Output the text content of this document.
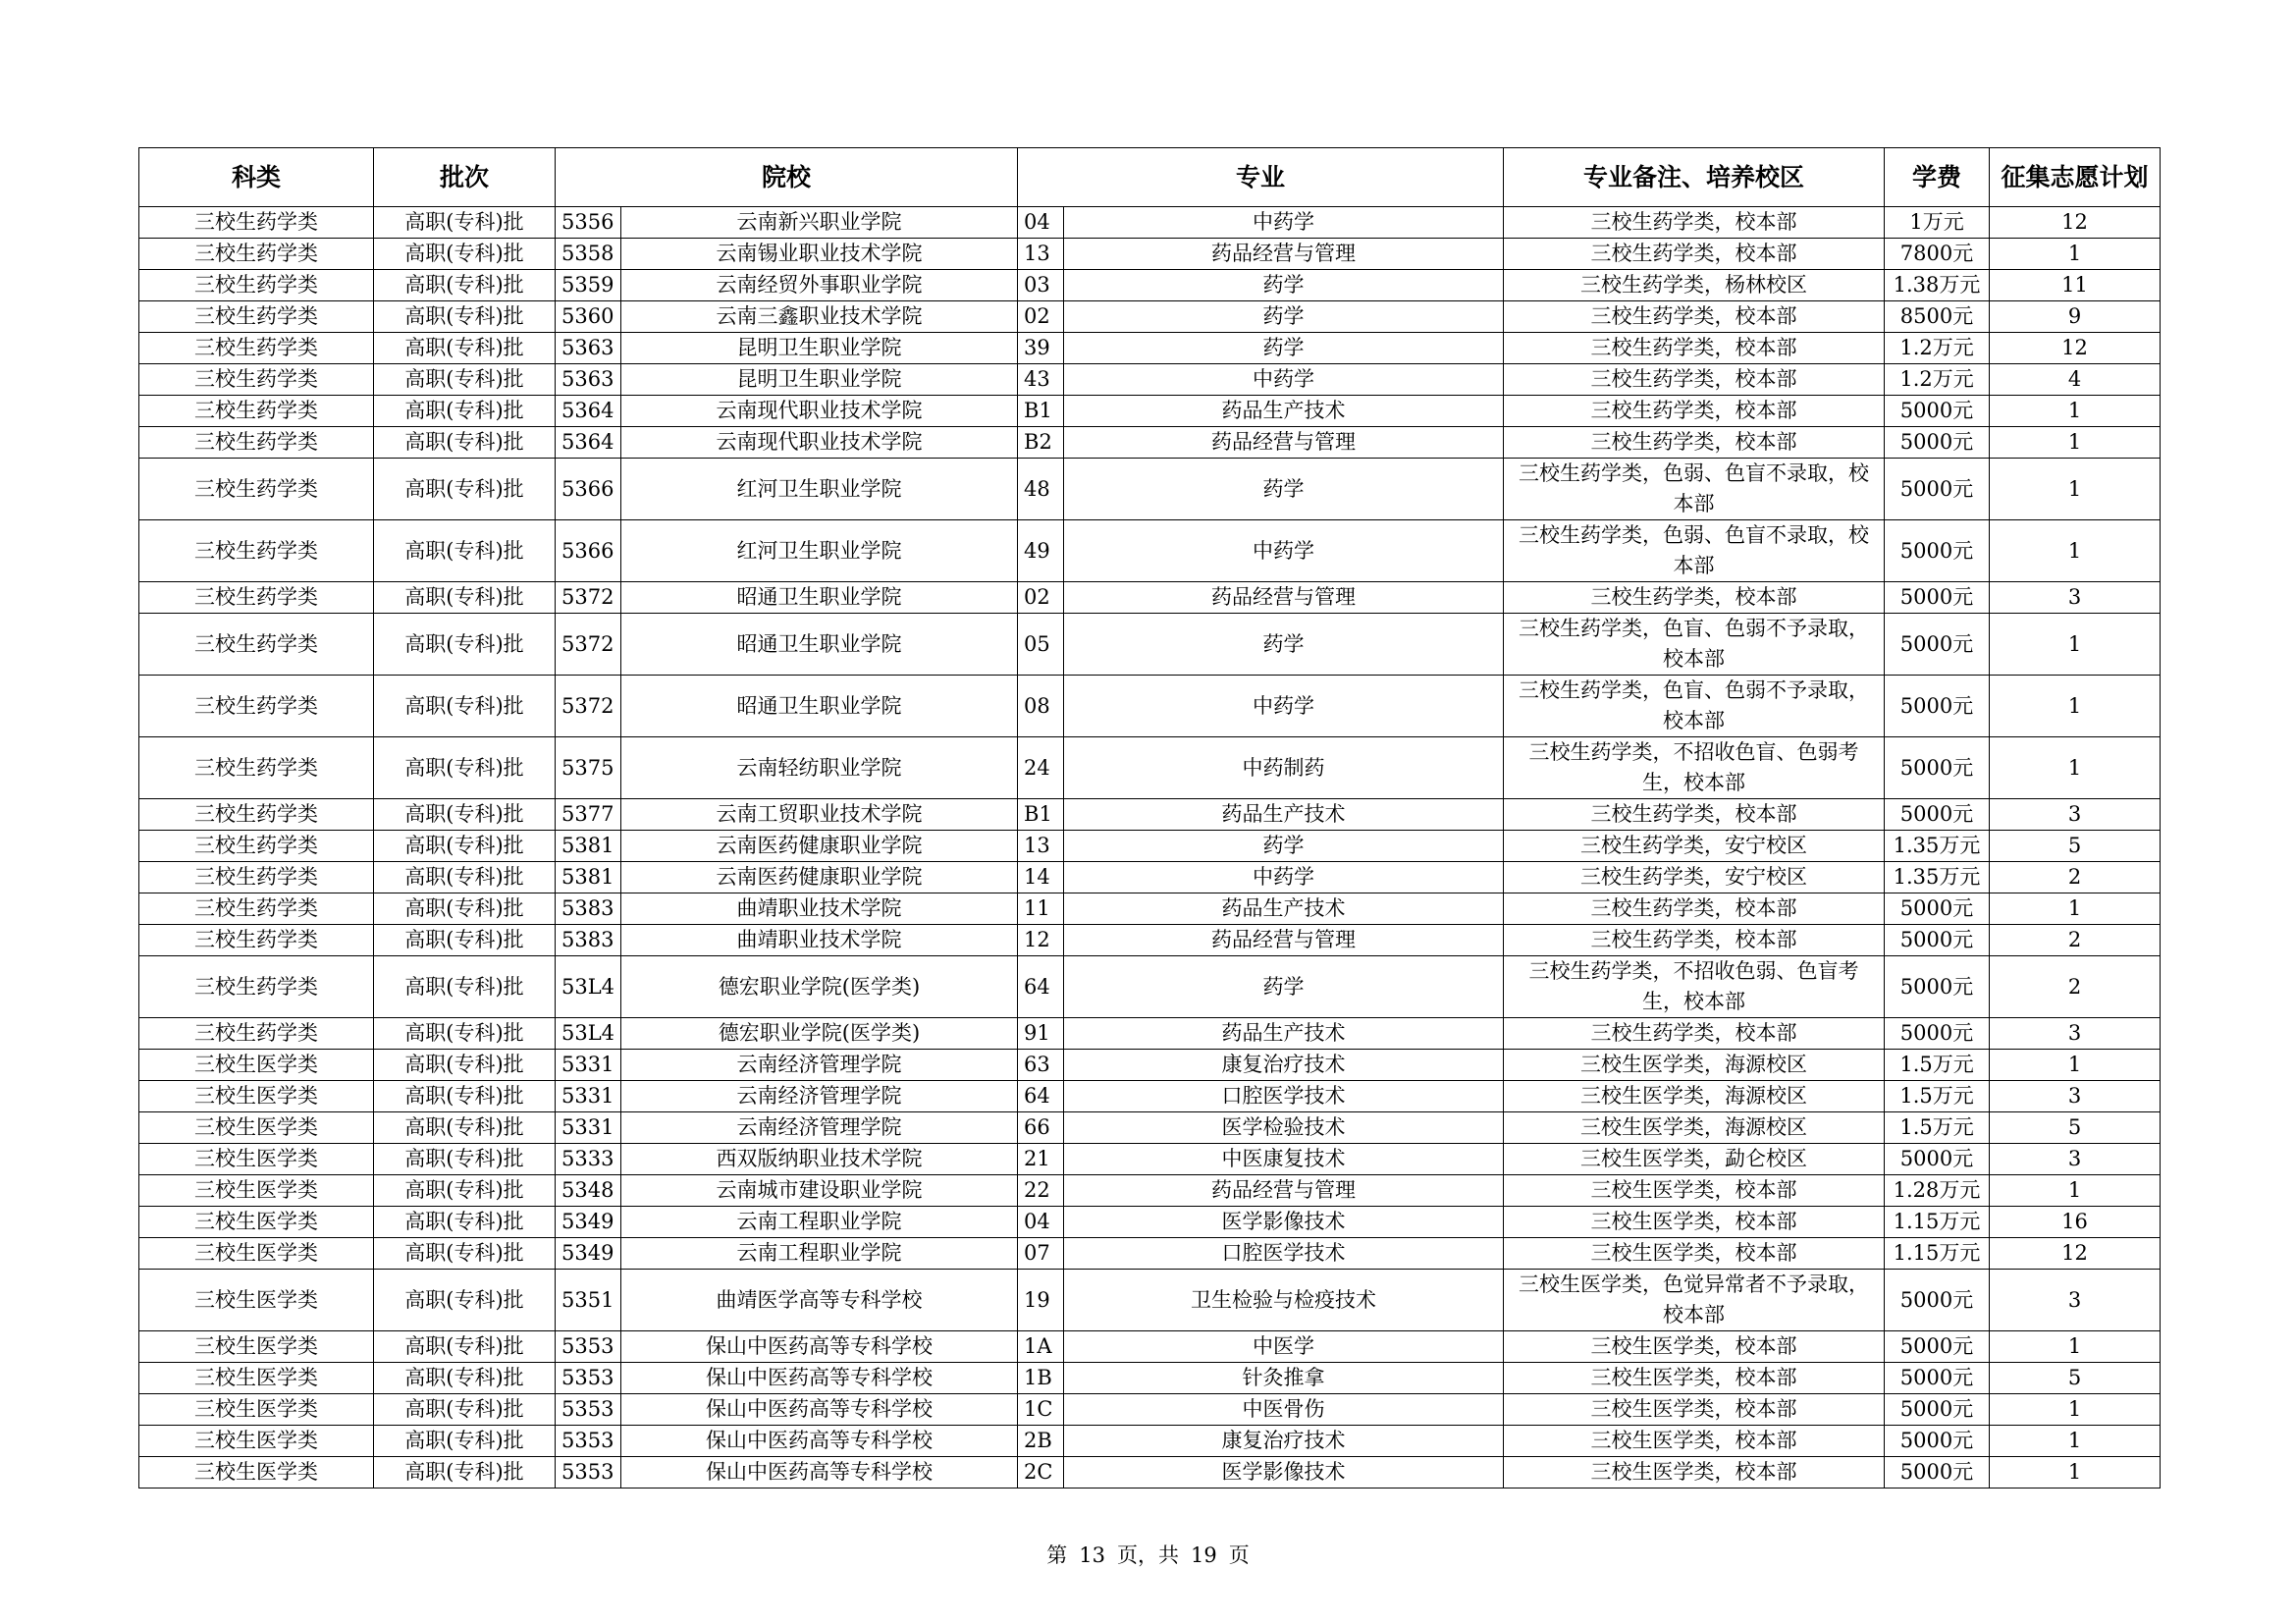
科类	批次	院校		专业		专业备注、培养校区	学费	征集志愿计划
三校生药学类	高职(专科)批	5356	云南新兴职业学院	04	中药学	三校生药学类，校本部	1万元	12
三校生药学类	高职(专科)批	5358	云南锡业职业技术学院	13	药品经营与管理	三校生药学类，校本部	7800元	1
三校生药学类	高职(专科)批	5359	云南经贸外事职业学院	03	药学	三校生药学类，杨林校区	1.38万元	11
三校生药学类	高职(专科)批	5360	云南三鑫职业技术学院	02	药学	三校生药学类，校本部	8500元	9
三校生药学类	高职(专科)批	5363	昆明卫生职业学院	39	药学	三校生药学类，校本部	1.2万元	12
三校生药学类	高职(专科)批	5363	昆明卫生职业学院	43	中药学	三校生药学类，校本部	1.2万元	4
三校生药学类	高职(专科)批	5364	云南现代职业技术学院	B1	药品生产技术	三校生药学类，校本部	5000元	1
三校生药学类	高职(专科)批	5364	云南现代职业技术学院	B2	药品经营与管理	三校生药学类，校本部	5000元	1
三校生药学类	高职(专科)批	5366	红河卫生职业学院	48	药学	三校生药学类，色弱、色盲不录取，校本部	5000元	1
三校生药学类	高职(专科)批	5366	红河卫生职业学院	49	中药学	三校生药学类，色弱、色盲不录取，校本部	5000元	1
三校生药学类	高职(专科)批	5372	昭通卫生职业学院	02	药品经营与管理	三校生药学类，校本部	5000元	3
三校生药学类	高职(专科)批	5372	昭通卫生职业学院	05	药学	三校生药学类，色盲、色弱不予录取，校本部	5000元	1
三校生药学类	高职(专科)批	5372	昭通卫生职业学院	08	中药学	三校生药学类，色盲、色弱不予录取，校本部	5000元	1
三校生药学类	高职(专科)批	5375	云南轻纺职业学院	24	中药制药	三校生药学类，不招收色盲、色弱考生，校本部	5000元	1
三校生药学类	高职(专科)批	5377	云南工贸职业技术学院	B1	药品生产技术	三校生药学类，校本部	5000元	3
三校生药学类	高职(专科)批	5381	云南医药健康职业学院	13	药学	三校生药学类，安宁校区	1.35万元	5
三校生药学类	高职(专科)批	5381	云南医药健康职业学院	14	中药学	三校生药学类，安宁校区	1.35万元	2
三校生药学类	高职(专科)批	5383	曲靖职业技术学院	11	药品生产技术	三校生药学类，校本部	5000元	1
三校生药学类	高职(专科)批	5383	曲靖职业技术学院	12	药品经营与管理	三校生药学类，校本部	5000元	2
三校生药学类	高职(专科)批	53L4	德宏职业学院(医学类)	64	药学	三校生药学类，不招收色弱、色盲考生，校本部	5000元	2
三校生药学类	高职(专科)批	53L4	德宏职业学院(医学类)	91	药品生产技术	三校生药学类，校本部	5000元	3
三校生医学类	高职(专科)批	5331	云南经济管理学院	63	康复治疗技术	三校生医学类，海源校区	1.5万元	1
三校生医学类	高职(专科)批	5331	云南经济管理学院	64	口腔医学技术	三校生医学类，海源校区	1.5万元	3
三校生医学类	高职(专科)批	5331	云南经济管理学院	66	医学检验技术	三校生医学类，海源校区	1.5万元	5
三校生医学类	高职(专科)批	5333	西双版纳职业技术学院	21	中医康复技术	三校生医学类，勐仑校区	5000元	3
三校生医学类	高职(专科)批	5348	云南城市建设职业学院	22	药品经营与管理	三校生医学类，校本部	1.28万元	1
三校生医学类	高职(专科)批	5349	云南工程职业学院	04	医学影像技术	三校生医学类，校本部	1.15万元	16
三校生医学类	高职(专科)批	5349	云南工程职业学院	07	口腔医学技术	三校生医学类，校本部	1.15万元	12
三校生医学类	高职(专科)批	5351	曲靖医学高等专科学校	19	卫生检验与检疫技术	三校生医学类，色觉异常者不予录取，校本部	5000元	3
三校生医学类	高职(专科)批	5353	保山中医药高等专科学校	1A	中医学	三校生医学类，校本部	5000元	1
三校生医学类	高职(专科)批	5353	保山中医药高等专科学校	1B	针灸推拿	三校生医学类，校本部	5000元	5
三校生医学类	高职(专科)批	5353	保山中医药高等专科学校	1C	中医骨伤	三校生医学类，校本部	5000元	1
三校生医学类	高职(专科)批	5353	保山中医药高等专科学校	2B	康复治疗技术	三校生医学类，校本部	5000元	1
三校生医学类	高职(专科)批	5353	保山中医药高等专科学校	2C	医学影像技术	三校生医学类，校本部	5000元	1
第 13 页，共 19 页
